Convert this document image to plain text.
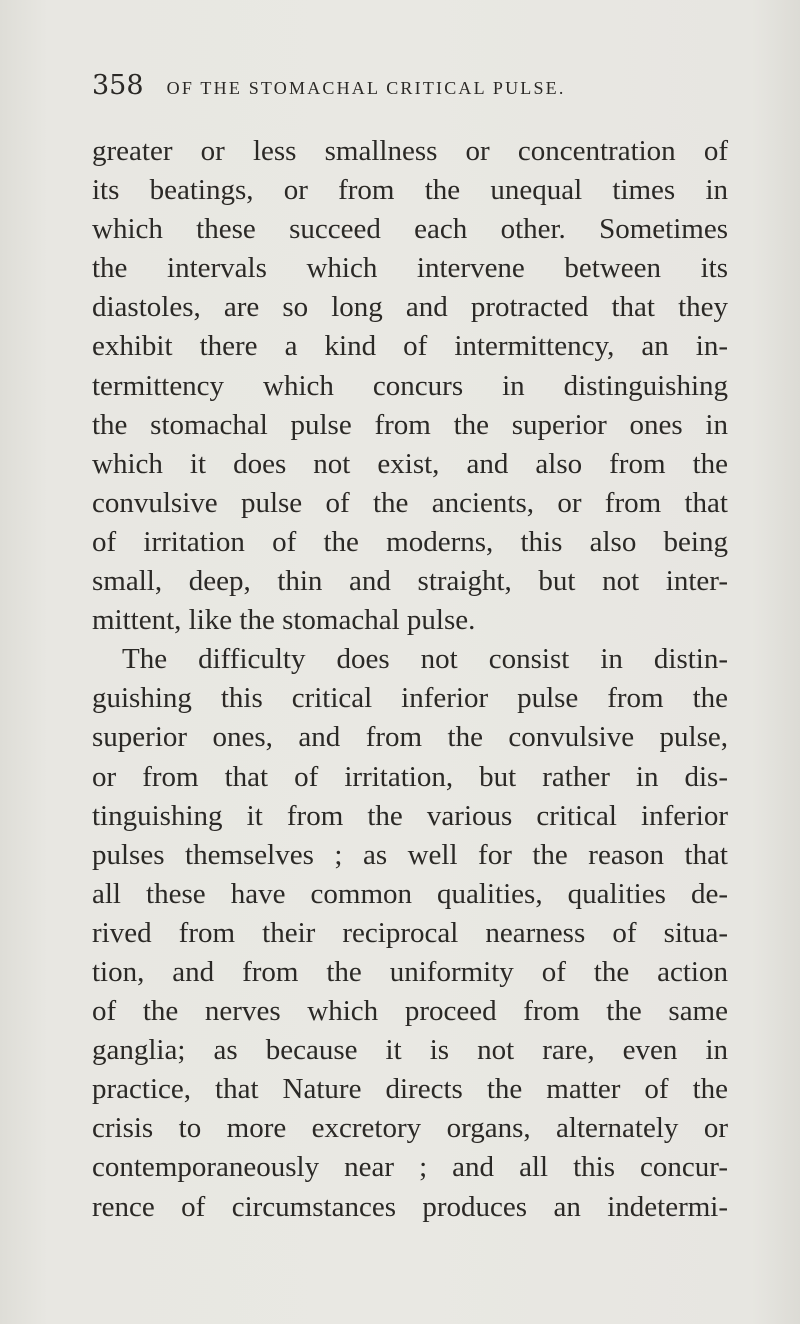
358 OF THE STOMACHAL CRITICAL PULSE.
greater or less smallness or concentration of
its beatings, or from the unequal times in
which these succeed each other. Sometimes
the intervals which intervene between its
diastoles, are so long and protracted that they
exhibit there a kind of intermittency, an in-
termittency which concurs in distinguishing
the stomachal pulse from the superior ones in
which it does not exist, and also from the
convulsive pulse of the ancients, or from that
of irritation of the moderns, this also being
small, deep, thin and straight, but not inter-
mittent, like the stomachal pulse.
The difficulty does not consist in distin-
guishing this critical inferior pulse from the
superior ones, and from the convulsive pulse,
or from that of irritation, but rather in dis-
tinguishing it from the various critical inferior
pulses themselves ; as well for the reason that
all these have common qualities, qualities de-
rived from their reciprocal nearness of situa-
tion, and from the uniformity of the action
of the nerves which proceed from the same
ganglia; as because it is not rare, even in
practice, that Nature directs the matter of the
crisis to more excretory organs, alternately or
contemporaneously near ; and all this concur-
rence of circumstances produces an indetermi-
